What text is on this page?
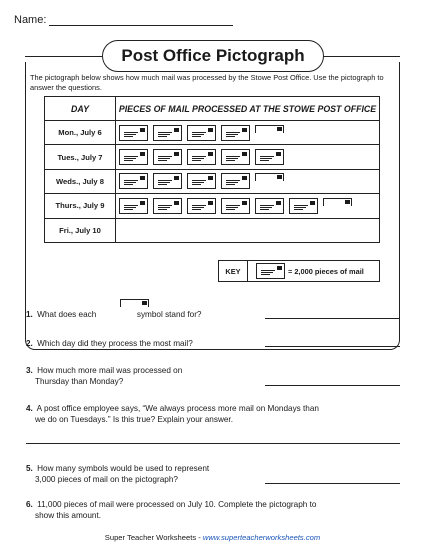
Name:
Post Office Pictograph

The pictograph below shows how much mail was processed by the Stowe Post Office. Use the pictograph to answer the questions.

DAY	PIECES OF MAIL PROCESSED AT THE STOWE POST OFFICE
Mon., July 6	

Tues., July 7	

Weds., July 8	

Thurs., July 9	

Fri., July 10	
KEY	= 2,000 pieces of mail
1. What does each	symbol stand for?
2. Which day did they process the most mail?
3. How much more mail was processed on
Thursday than Monday?
4. A post office employee says, “We always process more mail on Mondays than
we do on Tuesdays.” Is this true? Explain your answer.
5. How many symbols would be used to represent
3,000 pieces of mail on the pictograph?
6. 11,000 pieces of mail were processed on July 10. Complete the pictograph to
show this amount.
Super Teacher Worksheets - www.superteacherworksheets.com
